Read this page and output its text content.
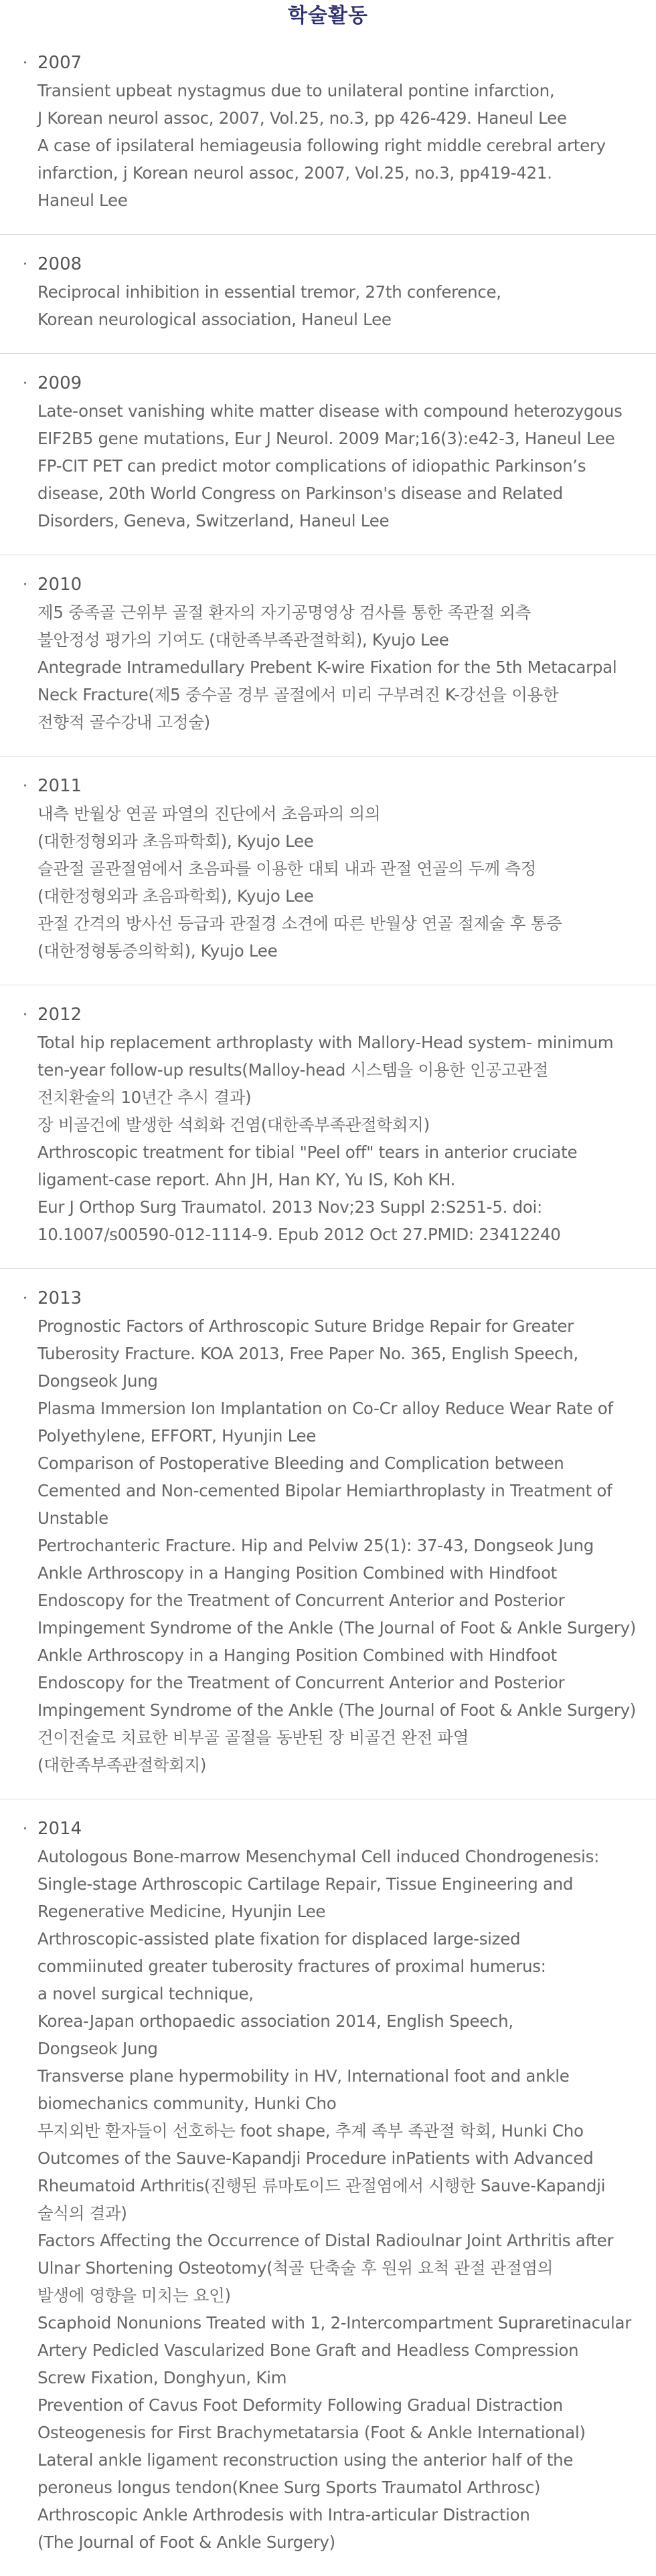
학술활동
· 2007
Transient upbeat nystagmus due to unilateral pontine infarction,
J Korean neurol assoc, 2007, Vol.25, no.3, pp 426-429. Haneul Lee
A case of ipsilateral hemiageusia following right middle cerebral artery
infarction, j Korean neurol assoc, 2007, Vol.25, no.3, pp419-421.
Haneul Lee
· 2008
Reciprocal inhibition in essential tremor, 27th conference,
Korean neurological association, Haneul Lee
· 2009
Late-onset vanishing white matter disease with compound heterozygous
EIF2B5 gene mutations, Eur J Neurol. 2009 Mar;16(3):e42-3, Haneul Lee
FP-CIT PET can predict motor complications of idiopathic Parkinson’s
disease, 20th World Congress on Parkinson's disease and Related
Disorders, Geneva, Switzerland, Haneul Lee
· 2010
제5 중족골 근위부 골절 환자의 자기공명영상 검사를 통한 족관절 외측
불안정성 평가의 기여도 (대한족부족관절학회), Kyujo Lee
Antegrade Intramedullary Prebent K-wire Fixation for the 5th Metacarpal
Neck Fracture(제5 중수골 경부 골절에서 미리 구부려진 K-강선을 이용한
전향적 골수강내 고정술)
· 2011
내측 반월상 연골 파열의 진단에서 초음파의 의의
(대한정형외과 초음파학회), Kyujo Lee
슬관절 골관절염에서 초음파를 이용한 대퇴 내과 관절 연골의 두께 측정
(대한정형외과 초음파학회), Kyujo Lee
관절 간격의 방사선 등급과 관절경 소견에 따른 반월상 연골 절제술 후 통증
(대한정형통증의학회), Kyujo Lee
· 2012
Total hip replacement arthroplasty with Mallory-Head system- minimum
ten-year follow-up results(Malloy-head 시스템을 이용한 인공고관절
전치환술의 10년간 추시 결과)
장 비골건에 발생한 석회화 건염(대한족부족관절학회지)
Arthroscopic treatment for tibial "Peel off" tears in anterior cruciate
ligament-case report. Ahn JH, Han KY, Yu IS, Koh KH.
Eur J Orthop Surg Traumatol. 2013 Nov;23 Suppl 2:S251-5. doi:
10.1007/s00590-012-1114-9. Epub 2012 Oct 27.PMID: 23412240
· 2013
Prognostic Factors of Arthroscopic Suture Bridge Repair for Greater
Tuberosity Fracture. KOA 2013, Free Paper No. 365, English Speech,
Dongseok Jung
Plasma Immersion Ion Implantation on Co-Cr alloy Reduce Wear Rate of
Polyethylene, EFFORT, Hyunjin Lee
Comparison of Postoperative Bleeding and Complication between
Cemented and Non-cemented Bipolar Hemiarthroplasty in Treatment of
Unstable
Pertrochanteric Fracture. Hip and Pelviw 25(1): 37-43, Dongseok Jung
Ankle Arthroscopy in a Hanging Position Combined with Hindfoot
Endoscopy for the Treatment of Concurrent Anterior and Posterior
Impingement Syndrome of the Ankle (The Journal of Foot & Ankle Surgery)
Ankle Arthroscopy in a Hanging Position Combined with Hindfoot
Endoscopy for the Treatment of Concurrent Anterior and Posterior
Impingement Syndrome of the Ankle (The Journal of Foot & Ankle Surgery)
건이전술로 치료한 비부골 골절을 동반된 장 비골건 완전 파열
(대한족부족관절학회지)
· 2014
Autologous Bone-marrow Mesenchymal Cell induced Chondrogenesis:
Single-stage Arthroscopic Cartilage Repair, Tissue Engineering and
Regenerative Medicine, Hyunjin Lee
Arthroscopic-assisted plate fixation for displaced large-sized
commiinuted greater tuberosity fractures of proximal humerus:
a novel surgical technique,
Korea-Japan orthopaedic association 2014, English Speech,
Dongseok Jung
Transverse plane hypermobility in HV, International foot and ankle
biomechanics community, Hunki Cho
무지외반 환자들이 선호하는 foot shape, 추계 족부 족관절 학회, Hunki Cho
Outcomes of the Sauve-Kapandji Procedure inPatients with Advanced
Rheumatoid Arthritis(진행된 류마토이드 관절염에서 시행한 Sauve-Kapandji
술식의 결과)
Factors Affecting the Occurrence of Distal Radioulnar Joint Arthritis after
Ulnar Shortening Osteotomy(척골 단축술 후 원위 요척 관절 관절염의
발생에 영향을 미치는 요인)
Scaphoid Nonunions Treated with 1, 2-Intercompartment Supraretinacular
Artery Pedicled Vascularized Bone Graft and Headless Compression
Screw Fixation, Donghyun, Kim
Prevention of Cavus Foot Deformity Following Gradual Distraction
Osteogenesis for First Brachymetatarsia (Foot & Ankle International)
Lateral ankle ligament reconstruction using the anterior half of the
peroneus longus tendon(Knee Surg Sports Traumatol Arthrosc)
Arthroscopic Ankle Arthrodesis with Intra-articular Distraction
(The Journal of Foot & Ankle Surgery)
